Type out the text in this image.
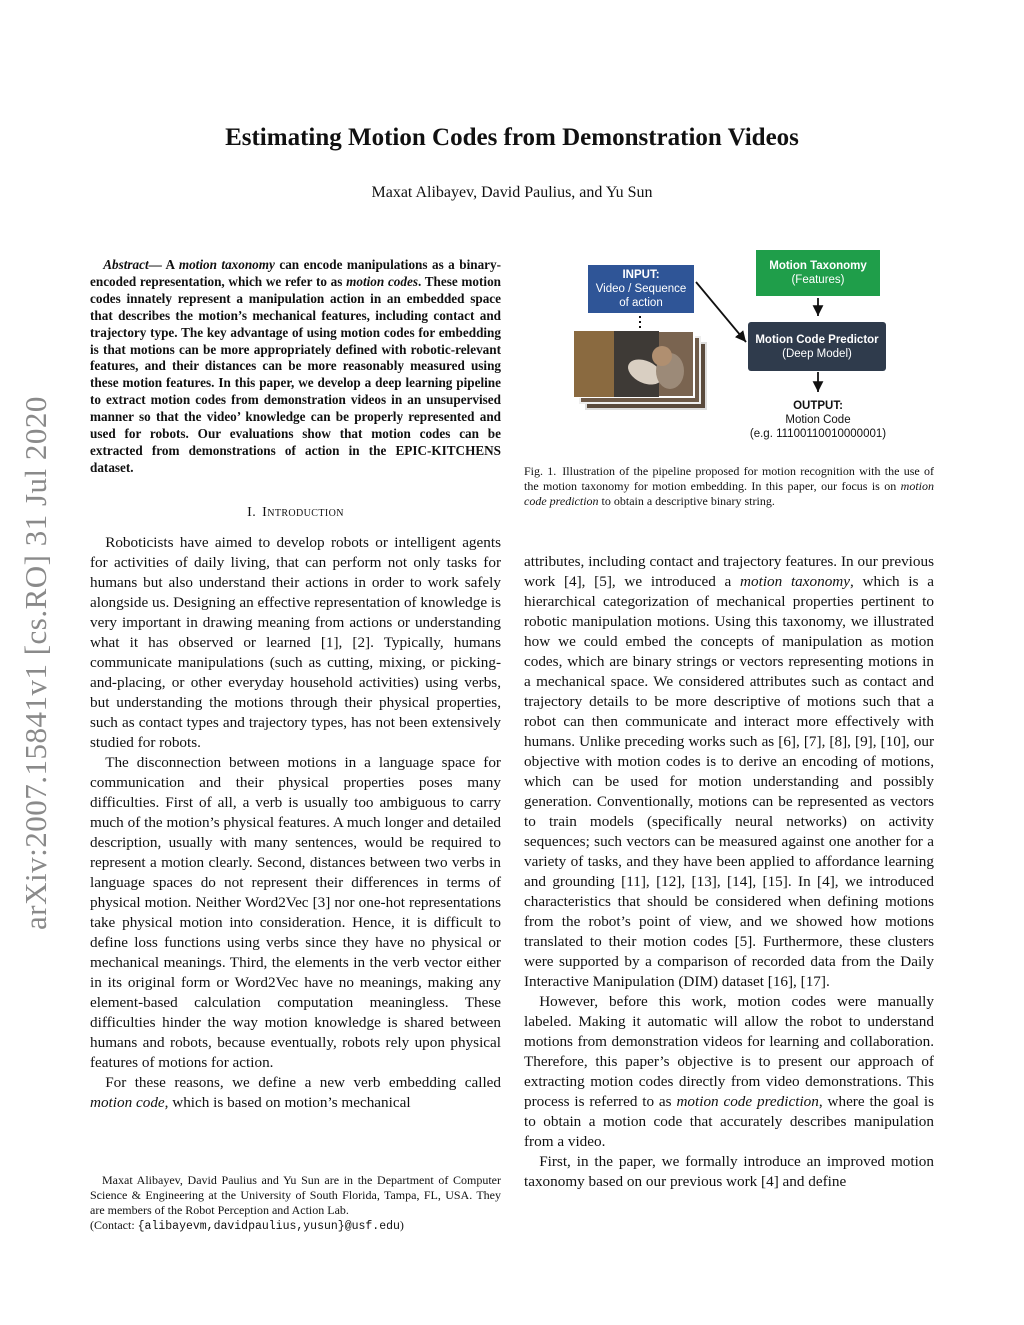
arXiv:2007.15841v1 [cs.RO] 31 Jul 2020
Estimating Motion Codes from Demonstration Videos
Maxat Alibayev, David Paulius, and Yu Sun

Abstract— A motion taxonomy can encode manipulations as a binary-encoded representation, which we refer to as motion codes. These motion codes innately represent a manipulation action in an embedded space that describes the motion’s mechanical features, including contact and trajectory type. The key advantage of using motion codes for embedding is that motions can be more appropriately defined with robotic-relevant features, and their distances can be more reasonably measured using these motion features. In this paper, we develop a deep learning pipeline to extract motion codes from demonstration videos in an unsupervised manner so that the video’ knowledge can be properly represented and used for robots. Our evaluations show that motion codes can be extracted from demonstrations of action in the EPIC-KITCHENS dataset.

I. Introduction

Roboticists have aimed to develop robots or intelligent agents for activities of daily living, that can perform not only tasks for humans but also understand their actions in order to work safely alongside us. Designing an effective representation of knowledge is very important in drawing meaning from actions or understanding what it has observed or learned [1], [2]. Typically, humans communicate manipulations (such as cutting, mixing, or picking-and-placing, or other everyday household activities) using verbs, but understanding the motions through their physical properties, such as contact types and trajectory types, has not been extensively studied for robots.

The disconnection between motions in a language space for communication and their physical properties poses many difficulties. First of all, a verb is usually too ambiguous to carry much of the motion’s physical features. A much longer and detailed description, usually with many sentences, would be required to represent a motion clearly. Second, distances between two verbs in language spaces do not represent their differences in terms of physical motion. Neither Word2Vec [3] nor one-hot representations take physical motion into consideration. Hence, it is difficult to define loss functions using verbs since they have no physical or mechanical meanings. Third, the elements in the verb vector either in its original form or Word2Vec have no meanings, making any element-based calculation computation meaningless. These difficulties hinder the way motion knowledge is shared between humans and robots, because eventually, robots rely upon physical features of motions for action.

For these reasons, we define a new verb embedding called motion code, which is based on motion’s mechanical

Maxat Alibayev, David Paulius and Yu Sun are in the Department of Computer Science & Engineering at the University of South Florida, Tampa, FL, USA. They are members of the Robot Perception and Action Lab.
(Contact: {alibayevm,davidpaulius,yusun}@usf.edu)
INPUT:
Video / Sequence
of action
Motion Taxonomy
(Features)
Motion Code Predictor
(Deep Model)
OUTPUT:
Motion Code
(e.g. 11100110010000001)
Fig. 1. Illustration of the pipeline proposed for motion recognition with the use of the motion taxonomy for motion embedding. In this paper, our focus is on motion code prediction to obtain a descriptive binary string.

attributes, including contact and trajectory features. In our previous work [4], [5], we introduced a motion taxonomy, which is a hierarchical categorization of mechanical properties pertinent to robotic manipulation motions. Using this taxonomy, we illustrated how we could embed the concepts of manipulation as motion codes, which are binary strings or vectors representing motions in a mechanical space. We considered attributes such as contact and trajectory details to be more descriptive of motions such that a robot can then communicate and interact more effectively with humans. Unlike preceding works such as [6], [7], [8], [9], [10], our objective with motion codes is to derive an encoding of motions, which can be used for motion understanding and possibly generation. Conventionally, motions can be represented as vectors to train models (specifically neural networks) on activity sequences; such vectors can be measured against one another for a variety of tasks, and they have been applied to affordance learning and grounding [11], [12], [13], [14], [15]. In [4], we introduced characteristics that should be considered when defining motions from the robot’s point of view, and we showed how motions translated to their motion codes [5]. Furthermore, these clusters were supported by a comparison of recorded data from the Daily Interactive Manipulation (DIM) dataset [16], [17].

However, before this work, motion codes were manually labeled. Making it automatic will allow the robot to understand motions from demonstration videos for learning and collaboration. Therefore, this paper’s objective is to present our approach of extracting motion codes directly from video demonstrations. This process is referred to as motion code prediction, where the goal is to obtain a motion code that accurately describes manipulation from a video.

First, in the paper, we formally introduce an improved motion taxonomy based on our previous work [4] and define
